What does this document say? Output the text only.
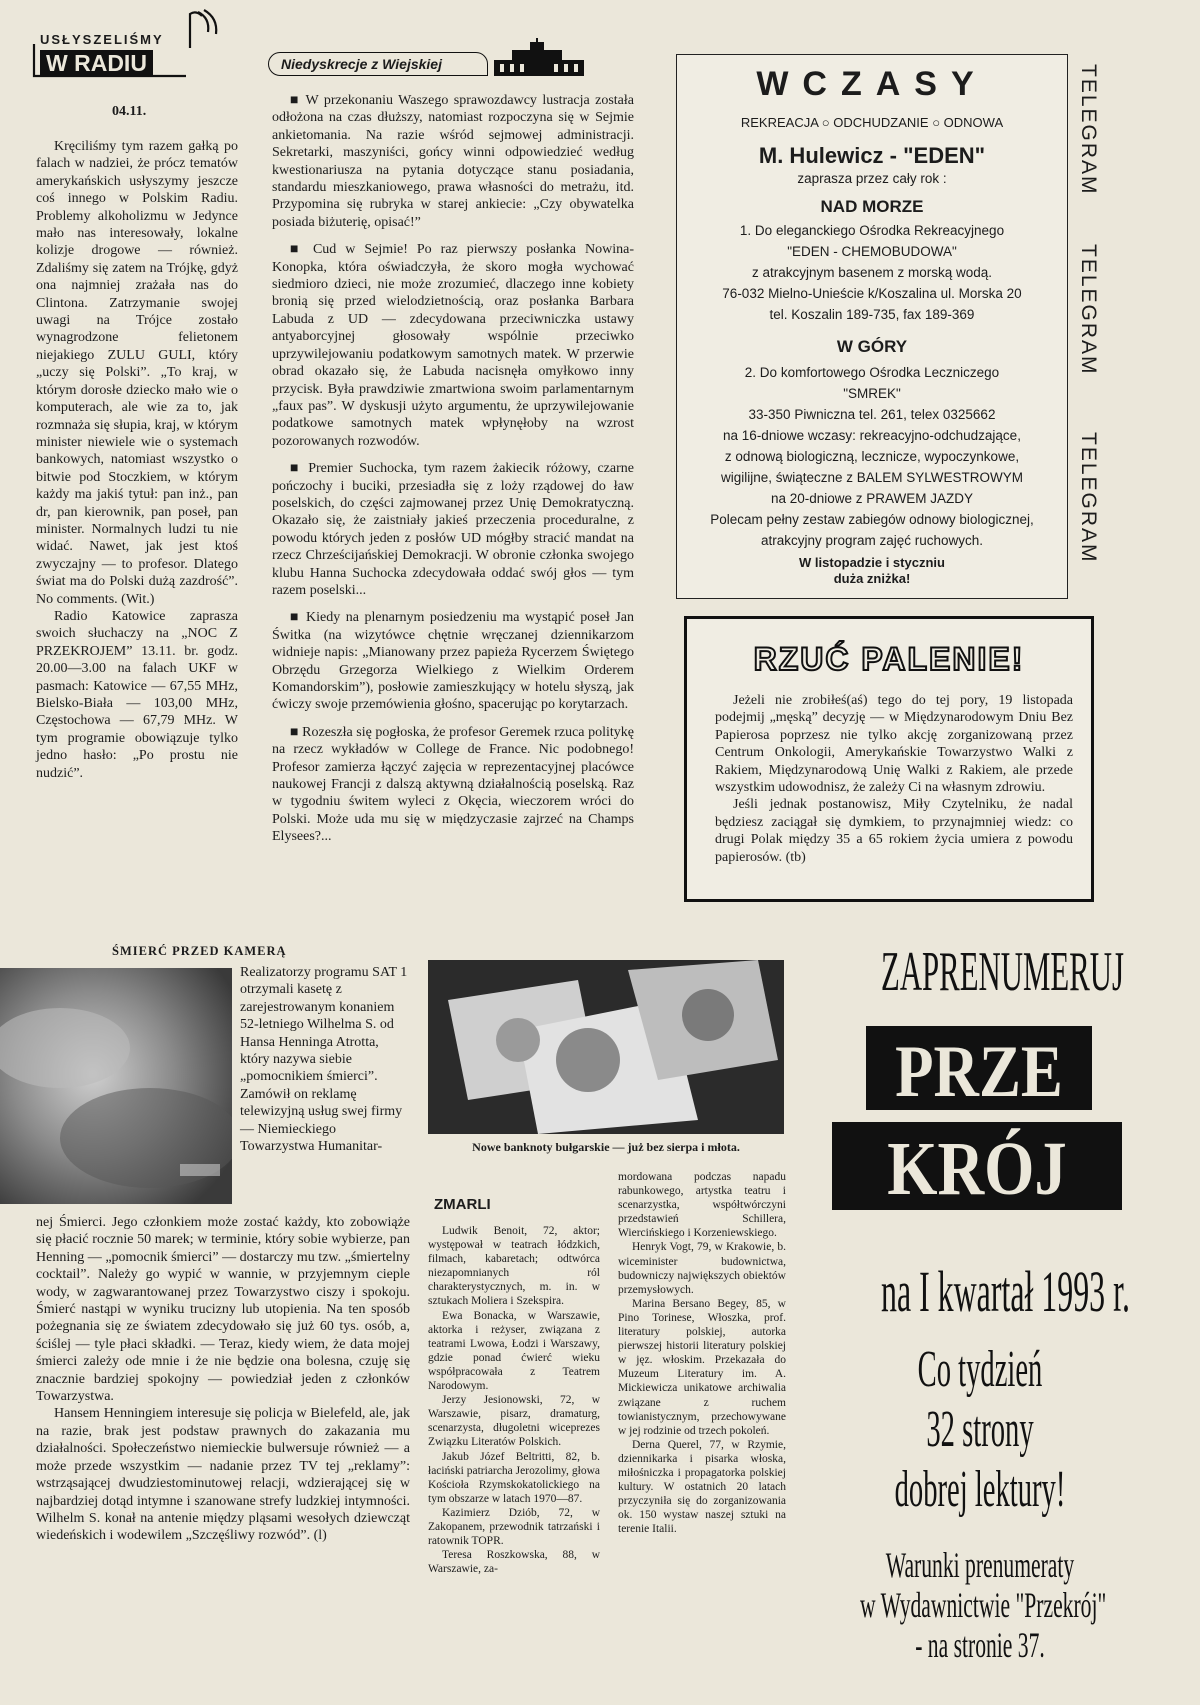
USŁYSZELIŚMY
W RADIU
04.11.

Kręciliśmy tym razem gałką po falach w nadziei, że prócz tematów amerykańskich usłyszymy jeszcze coś innego w Polskim Radiu. Problemy alkoholizmu w Jedynce mało nas interesowały, lokalne kolizje drogowe — również. Zdaliśmy się zatem na Trójkę, gdyż ona najmniej zrażała nas do Clintona. Zatrzymanie swojej uwagi na Trójce zostało wynagrodzone felietonem niejakiego ZULU GULI, który „uczy się Polski”. „To kraj, w którym dorosłe dziecko mało wie o komputerach, ale wie za to, jak rozmnaża się słupia, kraj, w którym minister niewiele wie o systemach bankowych, natomiast wszystko o bitwie pod Stoczkiem, w którym każdy ma jakiś tytuł: pan inż., pan dr, pan kierownik, pan poseł, pan minister. Normalnych ludzi tu nie widać. Nawet, jak jest ktoś zwyczajny — to profesor. Dlatego świat ma do Polski dużą zazdrość”. No comments. (Wit.)

Radio Katowice zaprasza swoich słuchaczy na „NOC Z PRZEKROJEM” 13.11. br. godz. 20.00—3.00 na falach UKF w pasmach: Katowice — 67,55 MHz, Bielsko-Biała — 103,00 MHz, Częstochowa — 67,79 MHz. W tym programie obowiązuje tylko jedno hasło: „Po prostu nie nudzić”.

Niedyskrecje z Wiejskiej

■ W przekonaniu Waszego sprawozdawcy lustracja została odłożona na czas dłuższy, natomiast rozpoczyna się w Sejmie ankietomania. Na razie wśród sejmowej administracji. Sekretarki, maszyniści, gońcy winni odpowiedzieć według kwestionariusza na pytania dotyczące stanu posiadania, standardu mieszkaniowego, prawa własności do metrażu, itd. Przypomina się rubryka w starej ankiecie: „Czy obywatelka posiada biżuterię, opisać!”

■ Cud w Sejmie! Po raz pierwszy posłanka Nowina-Konopka, która oświadczyła, że skoro mogła wychować siedmioro dzieci, nie może zrozumieć, dlaczego inne kobiety bronią się przed wielodzietnością, oraz posłanka Barbara Labuda z UD — zdecydowana przeciwniczka ustawy antyaborcyjnej głosowały wspólnie przeciwko uprzywilejowaniu podatkowym samotnych matek. W przerwie obrad okazało się, że Labuda nacisnęła omyłkowo inny przycisk. Była prawdziwie zmartwiona swoim parlamentarnym „faux pas”. W dyskusji użyto argumentu, że uprzywilejowanie podatkowe samotnych matek wpłynęłoby na wzrost pozorowanych rozwodów.

■ Premier Suchocka, tym razem żakiecik różowy, czarne pończochy i buciki, przesiadła się z loży rządowej do ław poselskich, do części zajmowanej przez Unię Demokratyczną. Okazało się, że zaistniały jakieś przeczenia proceduralne, z powodu których jeden z posłów UD mógłby stracić mandat na rzecz Chrześcijańskiej Demokracji. W obronie członka swojego klubu Hanna Suchocka zdecydowała oddać swój głos — tym razem poselski...

■ Kiedy na plenarnym posiedzeniu ma wystąpić poseł Jan Świtka (na wizytówce chętnie wręczanej dziennikarzom widnieje napis: „Mianowany przez papieża Rycerzem Świętego Obrzędu Grzegorza Wielkiego z Wielkim Orderem Komandorskim”), posłowie zamieszkujący w hotelu słyszą, jak ćwiczy swoje przemówienia głośno, spacerując po korytarzach.

■ Rozeszła się pogłoska, że profesor Geremek rzuca politykę na rzecz wykładów w College de France. Nic podobnego! Profesor zamierza łączyć zajęcia w reprezentacyjnej placówce naukowej Francji z dalszą aktywną działalnością poselską. Raz w tygodniu świtem wyleci z Okęcia, wieczorem wróci do Polski. Może uda mu się w międzyczasie zajrzeć na Champs Elysees?...

WCZASY
REKREACJA ○ ODCHUDZANIE ○ ODNOWA
M. Hulewicz - "EDEN"
zaprasza przez cały rok :
NAD MORZE
1. Do eleganckiego Ośrodka Rekreacyjnego
"EDEN - CHEMOBUDOWA"
z atrakcyjnym basenem z morską wodą.
76-032 Mielno-Unieście k/Koszalina ul. Morska 20
tel. Koszalin 189-735, fax 189-369
W GÓRY
2. Do komfortowego Ośrodka Leczniczego
"SMREK"
33-350 Piwniczna tel. 261, telex 0325662
na 16-dniowe wczasy: rekreacyjno-odchudzające,
z odnową biologiczną, lecznicze, wypoczynkowe,
wigilijne, świąteczne z BALEM SYLWESTROWYM
na 20-dniowe z PRAWEM JAZDY
Polecam pełny zestaw zabiegów odnowy biologicznej,
atrakcyjny program zajęć ruchowych.
W listopadzie i styczniu
duża zniżka!
TELEGRAM
TELEGRAM
TELEGRAM
RZUĆ PALENIE!

Jeżeli nie zrobiłeś(aś) tego do tej pory, 19 listopada podejmij „męską” decyzję — w Międzynarodowym Dniu Bez Papierosa poprzesz nie tylko akcję zorganizowaną przez Centrum Onkologii, Amerykańskie Towarzystwo Walki z Rakiem, Międzynarodową Unię Walki z Rakiem, ale przede wszystkim udowodnisz, że zależy Ci na własnym zdrowiu.

Jeśli jednak postanowisz, Miły Czytelniku, że nadal będziesz zaciągał się dymkiem, to przynajmniej wiedz: co drugi Polak między 35 a 65 rokiem życia umiera z powodu papierosów. (tb)

ŚMIERĆ PRZED KAMERĄ
Realizatorzy programu SAT 1 otrzymali kasetę z zarejestrowanym konaniem 52-letniego Wilhelma S. od Hansa Henninga Atrotta, który nazywa siebie „pomocnikiem śmierci”. Zamówił on reklamę telewizyjną usług swej firmy — Niemieckiego Towarzystwa Humanitar-

nej Śmierci. Jego członkiem może zostać każdy, kto zobowiąże się płacić rocznie 50 marek; w terminie, który sobie wybierze, pan Henning — „pomocnik śmierci” — dostarczy mu tzw. „śmiertelny cocktail”. Należy go wypić w wannie, w przyjemnym cieple wody, w zagwarantowanej przez Towarzystwo ciszy i spokoju. Śmierć nastąpi w wyniku trucizny lub utopienia. Na ten sposób pożegnania się ze światem zdecydowało się już 60 tys. osób, a, ściślej — tyle płaci składki. — Teraz, kiedy wiem, że data mojej śmierci zależy ode mnie i że nie będzie ona bolesna, czuję się znacznie bardziej spokojny — powiedział jeden z członków Towarzystwa.

Hansem Henningiem interesuje się policja w Bielefeld, ale, jak na razie, brak jest podstaw prawnych do zakazania mu działalności. Społeczeństwo niemieckie bulwersuje również — a może przede wszystkim — nadanie przez TV tej „reklamy”: wstrząsającej dwudziestominutowej relacji, wdzierającej się w najbardziej dotąd intymne i szanowane strefy ludzkiej intymności. Wilhelm S. konał na antenie między pląsami wesołych dziewcząt wiedeńskich i wodewilem „Szczęśliwy rozwód”. (l)

Nowe banknoty bułgarskie — już bez sierpa i młota.
ZMARLI

Ludwik Benoit, 72, aktor; występował w teatrach łódzkich, filmach, kabaretach; odtwórca niezapomnianych ról charakterystycznych, m. in. w sztukach Moliera i Szekspira.

Ewa Bonacka, w Warszawie, aktorka i reżyser, związana z teatrami Lwowa, Łodzi i Warszawy, gdzie ponad ćwierć wieku współpracowała z Teatrem Narodowym.

Jerzy Jesionowski, 72, w Warszawie, pisarz, dramaturg, scenarzysta, długoletni wiceprezes Związku Literatów Polskich.

Jakub Józef Beltritti, 82, b. łaciński patriarcha Jerozolimy, głowa Kościoła Rzymskokatolickiego na tym obszarze w latach 1970—87.

Kazimierz Dziób, 72, w Zakopanem, przewodnik tatrzański i ratownik TOPR.

Teresa Roszkowska, 88, w Warszawie, za-

mordowana podczas napadu rabunkowego, artystka teatru i scenarzystka, współtwórczyni przedstawień Schillera, Wiercińskiego i Korzeniewskiego.

Henryk Vogt, 79, w Krakowie, b. wiceminister budownictwa, budowniczy największych obiektów przemysłowych.

Marina Bersano Begey, 85, w Pino Torinese, Włoszka, prof. literatury polskiej, autorka pierwszej historii literatury polskiej w jęz. włoskim. Przekazała do Muzeum Literatury im. A. Mickiewicza unikatowe archiwalia związane z ruchem towianistycznym, przechowywane w jej rodzinie od trzech pokoleń.

Derna Querel, 77, w Rzymie, dziennikarka i pisarka włoska, miłośniczka i propagatorka polskiej kultury. W ostatnich 20 latach przyczyniła się do zorganizowania ok. 150 wystaw naszej sztuki na terenie Italii.

ZAPRENUMERUJ
PRZE
KRÓJ
na I kwartał 1993 r.
Co tydzień
32 strony
dobrej lektury!
Warunki prenumeraty
w Wydawnictwie "Przekrój"
- na stronie 37.
